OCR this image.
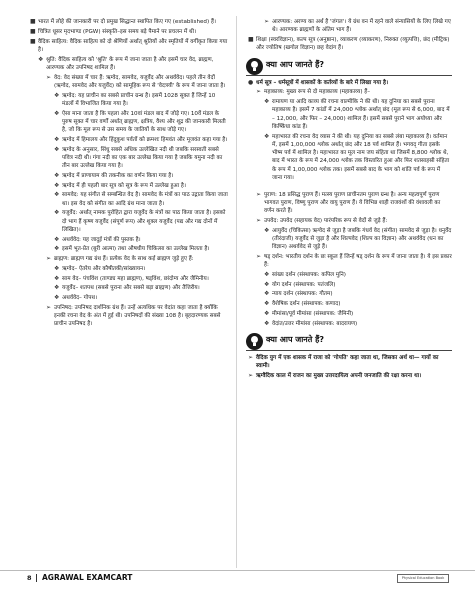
■ भारत में लोहे की जानकारी पर दो प्रमुख सिद्धान्त स्थापित किए गए (established) हैं।
■ चित्रित धूसर मृदभाण्ड (PGW) संस्कृति–इस समय बड़े पैमाने पर प्रचलन में थी।
■ वैदिक साहित्य: वैदिक साहित्य को दो श्रेणियों अर्थात् श्रुतियों और स्मृतियों में वर्गीकृत किया गया है।
❖ श्रुति: वैदिक साहित्य को 'श्रुति' के रूप में जाना जाता है और इसमें चार वेद, ब्राह्मण, आरण्यक और उपनिषद शामिल हैं।
➢ वेद: वेद संख्या में चार हैं: ऋग्वेद, सामवेद, यजुर्वेद और अथर्ववेद। पहले तीन वेदों (ऋग्वेद, सामवेद और यजुर्वेद) को सामूहिक रूप से 'वेदत्रयी' के रूप में जाना जाता है।
❖ ऋग्वेद: यह प्राचीन का सबसे प्राचीन ग्रन्थ है। इसमें 1028 सूक्त हैं जिन्हें 10 मंडलों में विभाजित किया गया है।
❖ ऐसा माना जाता है कि पहला और 10वां मंडल बाद में जोड़े गए। 10वें मंडल के पुरुष सूक्त में चार वर्णों अर्थात् ब्राह्मण, क्षत्रिय, वैश्य और शूद्र की जानकारी मिलती है, जो कि मूल रूप से उस समय के जातियों के साथ जोड़े गए।
❖ ऋग्वेद में हिमालय और हिंदुकुश पर्वतों को क्रमशः हिमवंत और मूजवंत कहा गया है।
❖ ऋग्वेद के अनुसार, सिंधु सबसे अधिक उल्लेखित नदी थी जबकि सरस्वती सबसे पवित्र नदी थी। गंगा नदी का एक बार उल्लेख किया गया है जबकि यमुना नदी का तीन बार उल्लेख किया गया है।
❖ ऋग्वेद में प्राणायाम की तकनीक का वर्णन किया गया है।
❖ ऋग्वेद में ही पहली बार सूत्र को सूत्र के रूप में उल्लेख हुआ है।
❖ सामवेद: यह संगीत से सम्बन्धित वेद है। सामवेद के मंत्रों का पाठ उद्गाता किया जाता था। इस वेद को संगीत का आदि ग्रंथ माना जाता है।
❖ यजुर्वेद: अर्थात् नामक पुरोहित द्वारा यजुर्वेद के मंत्रों का पाठ किया जाता है। इसको दो भाग हैं कृष्ण यजुर्वेद (संपूर्ण रूप) और शुक्ल यजुर्वेद (पद्य और गद्य दोनों में लिखित)।
❖ अथर्ववेद: यह जादुई मंत्रों की पुस्तक है।
❖ इसमें भूत-प्रेत (बुरी आत्मा) तथा औषधीय चिकित्सा का उल्लेख मिलता है।
➢ ब्राह्मण: ब्राह्मण गद्य ग्रंथ हैं। प्रत्येक वेद के साथ कई ब्राह्मण जुड़े हुए हैं:
❖ ऋग्वेद– ऐतरेय और कौषीतकी/सांख्यायन।
❖ साम वेद– पंचविंश (ताण्ड्य महा ब्राह्मण), षड्विंश, छांदोग्य और जैमिनीय।
❖ यजुर्वेद– शतपथ (सबसे पुराना और सबसे बड़ा ब्राह्मण) और तैत्तिरीय।
❖ अथर्ववेद– गोपथ।
➢ उपनिषद: उपनिषद दार्शनिक ग्रंथ हैं। उन्हें अत्यधिक पर वेदांत कहा जाता है क्योंकि इनकी रचना वेद के अंत में हुई थी। उपनिषदों की संख्या 108 है। बृहदारण्यक सबसे प्राचीन उपनिषद है।
➢ आरण्यक: अरण्य का अर्थ है 'जंगल'। ये ग्रंथ वन में रहने वाले संन्यासियों के लिए लिखे गए थे। आरण्यक ब्राह्मणों के अंतिम भाग हैं।
■ शिक्षा (स्वरविज्ञान), कल्प सूत्र (अनुष्ठान), व्याकरण (व्याकरण), निरुक्त (व्युत्पत्ति), छंद (मीट्रिक) और ज्योतिष (खगोल विज्ञान) छह वेदांग हैं।
क्या आप जानते हैं?
● धर्म सूत्र – धर्मसूत्रों में शासकों के कर्तव्यों के बारे में लिखा गया है।
➢ महाकाव्य: मुख्य रूप से दो महाकाव्य (महाकाव्य) हैं–
❖ रामायण या आदि काव्य की रचना वाल्मीकि ने की थी। यह दुनिया का सबसे पुराना महाकाव्य है। इसमें 7 कांडों में 24,000 श्लोक अर्थात् छंद (मूल रूप से 6,000, बाद में – 12,000, और फिर – 24,000) शामिल हैं। इसमें सबसे पुराने भाग अयोध्या और किष्किंधा कांड हैं।
❖ महाभारत की रचना वेद व्यास ने की थी। यह दुनिया का सबसे लंबा महाकाव्य है। वर्तमान में, इसमें 1,00,000 श्लोक अर्थात् छंद और 18 पर्व शामिल हैं। भगवद् गीता इसके भीष्म पर्व में शामिल है। महाभारत का मूल नाम जय संहिता था जिसमें 8,800 श्लोक थे, बाद में भारत के रूप में 24,000 श्लोक तक विस्तारित हुआ और फिर शतसाहस्री संहिता के रूप में 1,00,000 श्लोक तक। इसमें सबसे बाद के भाग को शांति पर्व के रूप में जाना गया।
➢ पुराण: 18 प्रसिद्ध पुराण हैं। मत्स्य पुराण प्राचीनतम पुराण ग्रन्थ है। अन्य महत्वपूर्ण पुराण भागवत पुराण, विष्णु पुराण और वायु पुराण हैं। ये विभिन्न शाही राजवंशों की वंशावली का वर्णन करते हैं।
➢ उपवेद: उपवेद (सहायक वेद) पारंपरिक रूप से वेदों से जुड़े हैं:
❖ आयुर्वेद (चिकित्सा) ऋग्वेद से जुड़ा है जबकि गंधर्व वेद (संगीत) सामवेद से जुड़ा है। धनुर्वेद (तीरंदाजी) यजुर्वेद से जुड़ा है और शिल्पवेद (शिल्प का विज्ञान) और अथर्ववेद (धन का विज्ञान) अथर्ववेद से जुड़े हैं।
➢ षड् दर्शन: भारतीय दर्शन के छः स्कूल हैं जिन्हें षड् दर्शन के रूप में जाना जाता है। ये इस प्रकार हैं:
❖ सांख्य दर्शन (संस्थापक: कपिल मुनि)
❖ योग दर्शन (संस्थापक: पतंजलि)
❖ न्याय दर्शन (संस्थापक: गौतम)
❖ वैशेषिक दर्शन (संस्थापक: कणाद)
❖ मीमांसा/पूर्व मीमांसा (संस्थापक: जैमिनी)
❖ वेदांत/उत्तर मीमांसा (संस्थापक: बादरायण)
क्या आप जानते हैं?
➢ वैदिक युग में एक शासक में राजा को 'गोपति' कहा जाता था, जिसका अर्थ था— गायों का स्वामी।
➢ ऋग्वैदिक काल में राजन का मुख्य उत्तरदायित्व अपनी जनजाति की रक्षा करना था।
8 AGRAWAL EXAMCART	Physical Education Book
